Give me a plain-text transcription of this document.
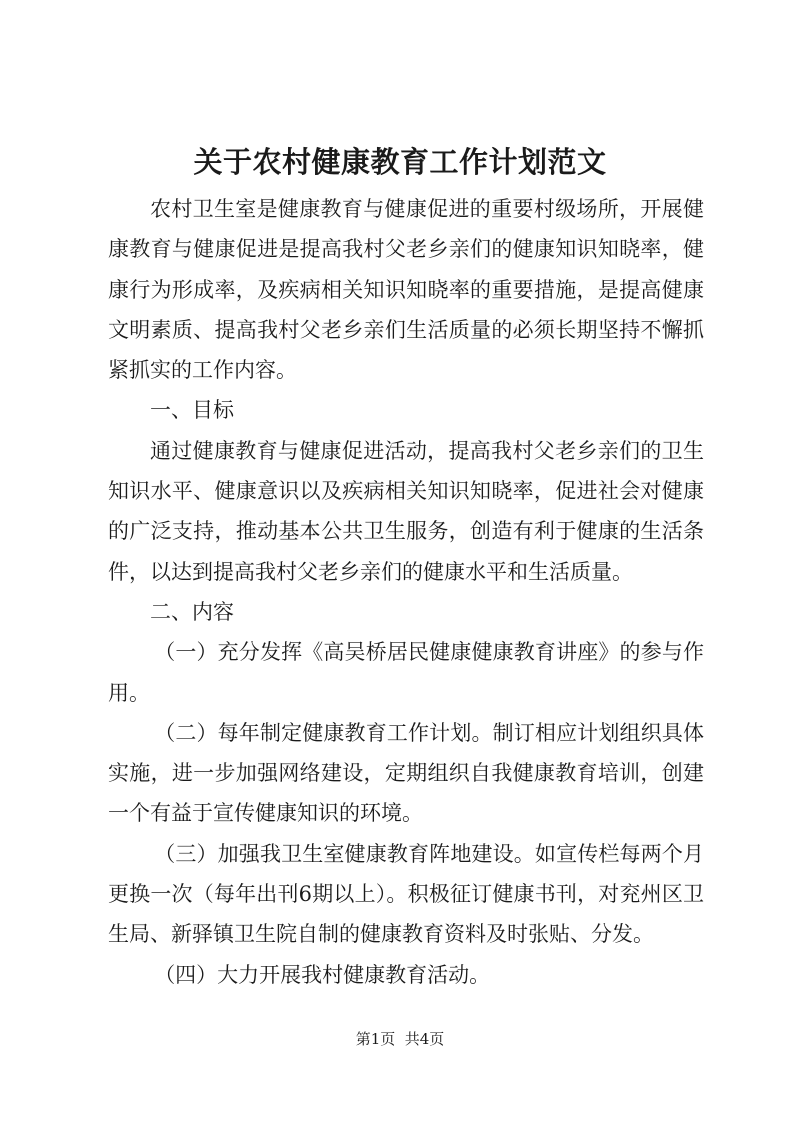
关于农村健康教育工作计划范文

农村卫生室是健康教育与健康促进的重要村级场所，开展健康教育与健康促进是提高我村父老乡亲们的健康知识知晓率，健康行为形成率，及疾病相关知识知晓率的重要措施，是提高健康文明素质、提高我村父老乡亲们生活质量的必须长期坚持不懈抓紧抓实的工作内容。

一、目标

通过健康教育与健康促进活动，提高我村父老乡亲们的卫生知识水平、健康意识以及疾病相关知识知晓率，促进社会对健康的广泛支持，推动基本公共卫生服务，创造有利于健康的生活条件，以达到提高我村父老乡亲们的健康水平和生活质量。

二、内容

（一）充分发挥《高吴桥居民健康健康教育讲座》的参与作用。

（二）每年制定健康教育工作计划。制订相应计划组织具体实施，进一步加强网络建设，定期组织自我健康教育培训，创建一个有益于宣传健康知识的环境。

（三）加强我卫生室健康教育阵地建设。如宣传栏每两个月更换一次（每年出刊6期以上）。积极征订健康书刊，对兖州区卫生局、新驿镇卫生院自制的健康教育资料及时张贴、分发。

（四）大力开展我村健康教育活动。

第1页  共4页
